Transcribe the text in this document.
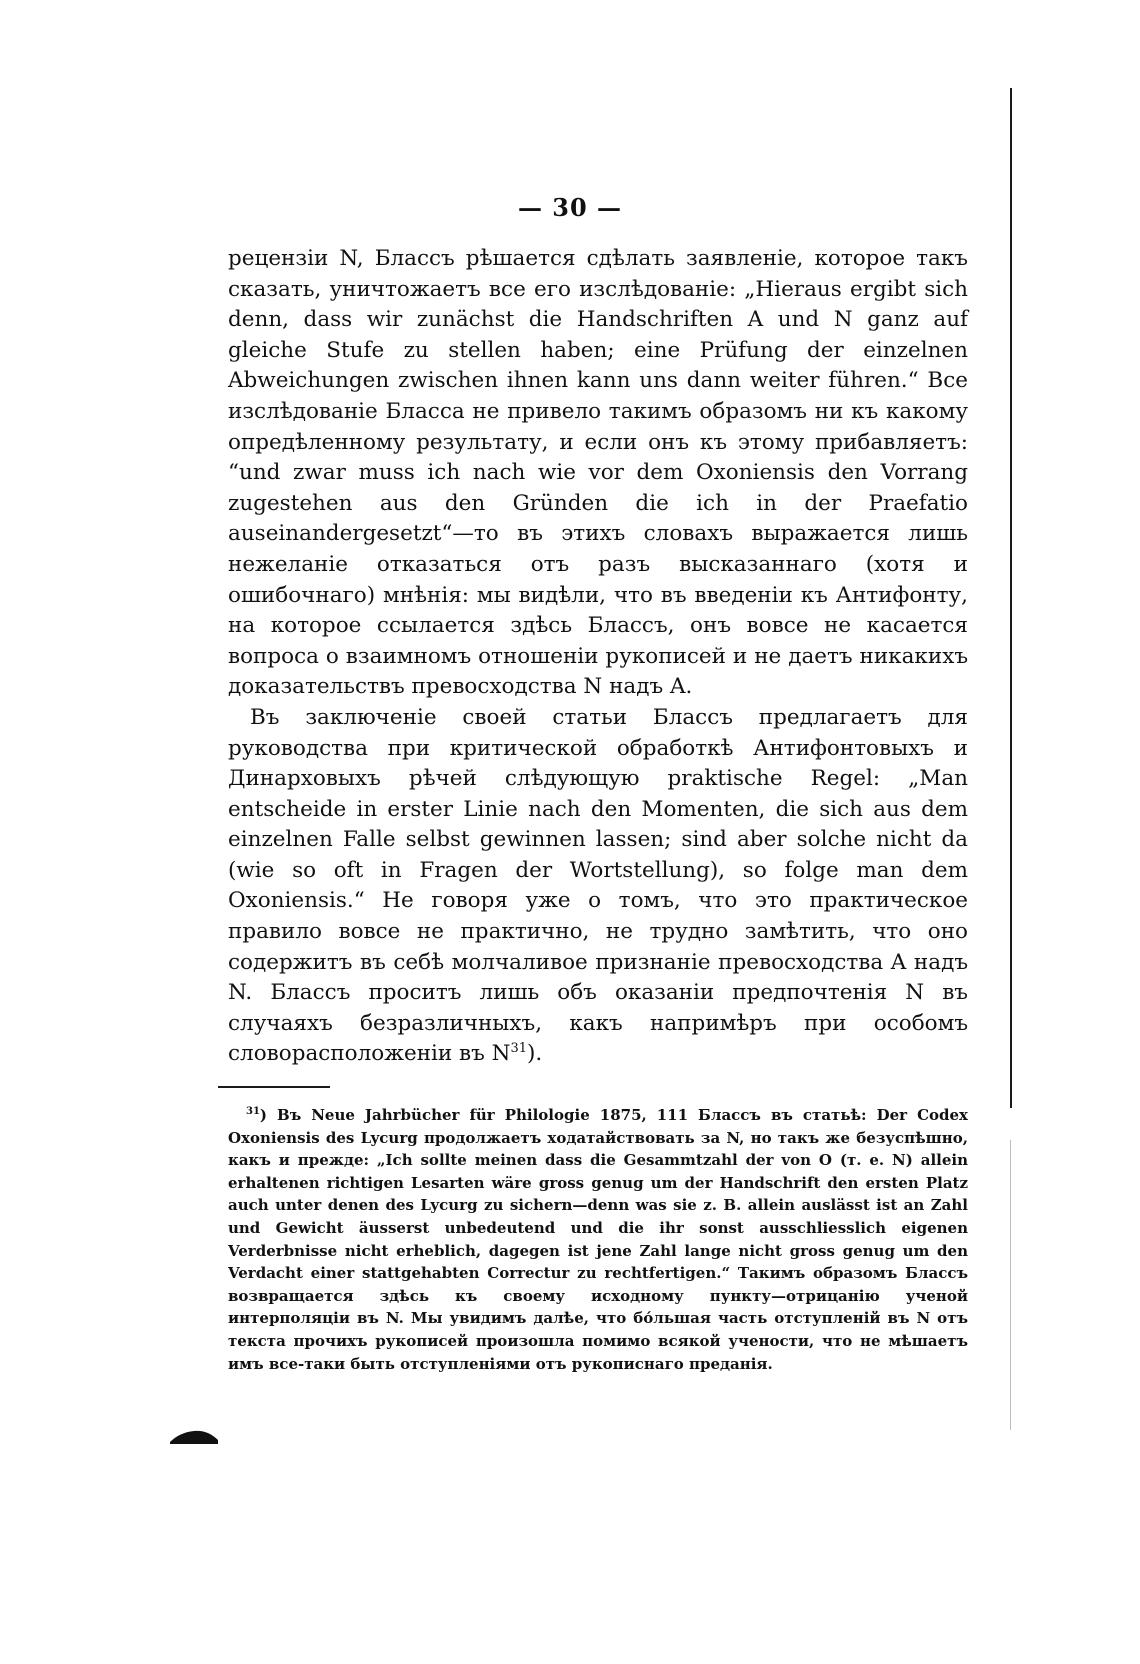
— 30 —

рецензіи N, Блассъ рѣшается сдѣлать заявленіе, которое такъ сказать, уничтожаетъ все его изслѣдованіе: „Hieraus ergibt sich denn, dass wir zunächst die Handschriften A und N ganz auf gleiche Stufe zu stellen haben; eine Prüfung der einzelnen Abweichungen zwischen ihnen kann uns dann weiter führen.“ Все изслѣдованіе Бласса не привело такимъ образомъ ни къ какому опредѣленному результату, и если онъ къ этому прибавляетъ: “und zwar muss ich nach wie vor dem Oxoniensis den Vorrang zugestehen aus den Gründen die ich in der Praefatio auseinandergesetzt“—то въ этихъ словахъ выражается лишь нежеланіе отказаться отъ разъ высказаннаго (хотя и ошибочнаго) мнѣнія: мы видѣли, что въ введеніи къ Антифонту, на которое ссылается здѣсь Блассъ, онъ вовсе не касается вопроса о взаимномъ отношеніи рукописей и не даетъ никакихъ доказательствъ превосходства N надъ A.

Въ заключеніе своей статьи Блассъ предлагаетъ для руководства при критической обработкѣ Антифонтовыхъ и Динарховыхъ рѣчей слѣдующую praktische Regel: „Man entscheide in erster Linie nach den Momenten, die sich aus dem einzelnen Falle selbst gewinnen lassen; sind aber solche nicht da (wie so oft in Fragen der Wortstellung), so folge man dem Oxoniensis.“ Не говоря уже о томъ, что это практическое правило вовсе не практично, не трудно замѣтить, что оно содержитъ въ себѣ молчаливое признаніе превосходства A надъ N. Блассъ проситъ лишь объ оказаніи предпочтенія N въ случаяхъ безразличныхъ, какъ напримѣръ при особомъ словорасположеніи въ N$^{31}$).

$^{31}$) Въ Neue Jahrbücher für Philologie 1875, 111 Блассъ въ статьѣ: Der Codex Oxoniensis des Lycurg продолжаетъ ходатайствовать за N, но такъ же безуспѣшно, какъ и прежде: „Ich sollte meinen dass die Gesammtzahl der von O (т. е. N) allein erhaltenen richtigen Lesarten wäre gross genug um der Handschrift den ersten Platz auch unter denen des Lycurg zu sichern—denn was sie z. B. allein auslässt ist an Zahl und Gewicht äusserst unbedeutend und die ihr sonst ausschliesslich eigenen Verderbnisse nicht erheblich, dagegen ist jene Zahl lange nicht gross genug um den Verdacht einer stattgehabten Correctur zu rechtfertigen.“ Такимъ образомъ Блассъ возвращается здѣсь къ своему исходному пункту—отрицанію ученой интерполяціи въ N. Мы увидимъ далѣе, что бо́льшая часть отступленій въ N отъ текста прочихъ рукописей произошла помимо всякой учености, что не мѣшаетъ имъ все-таки быть отступленіями отъ рукописнаго преданія.
